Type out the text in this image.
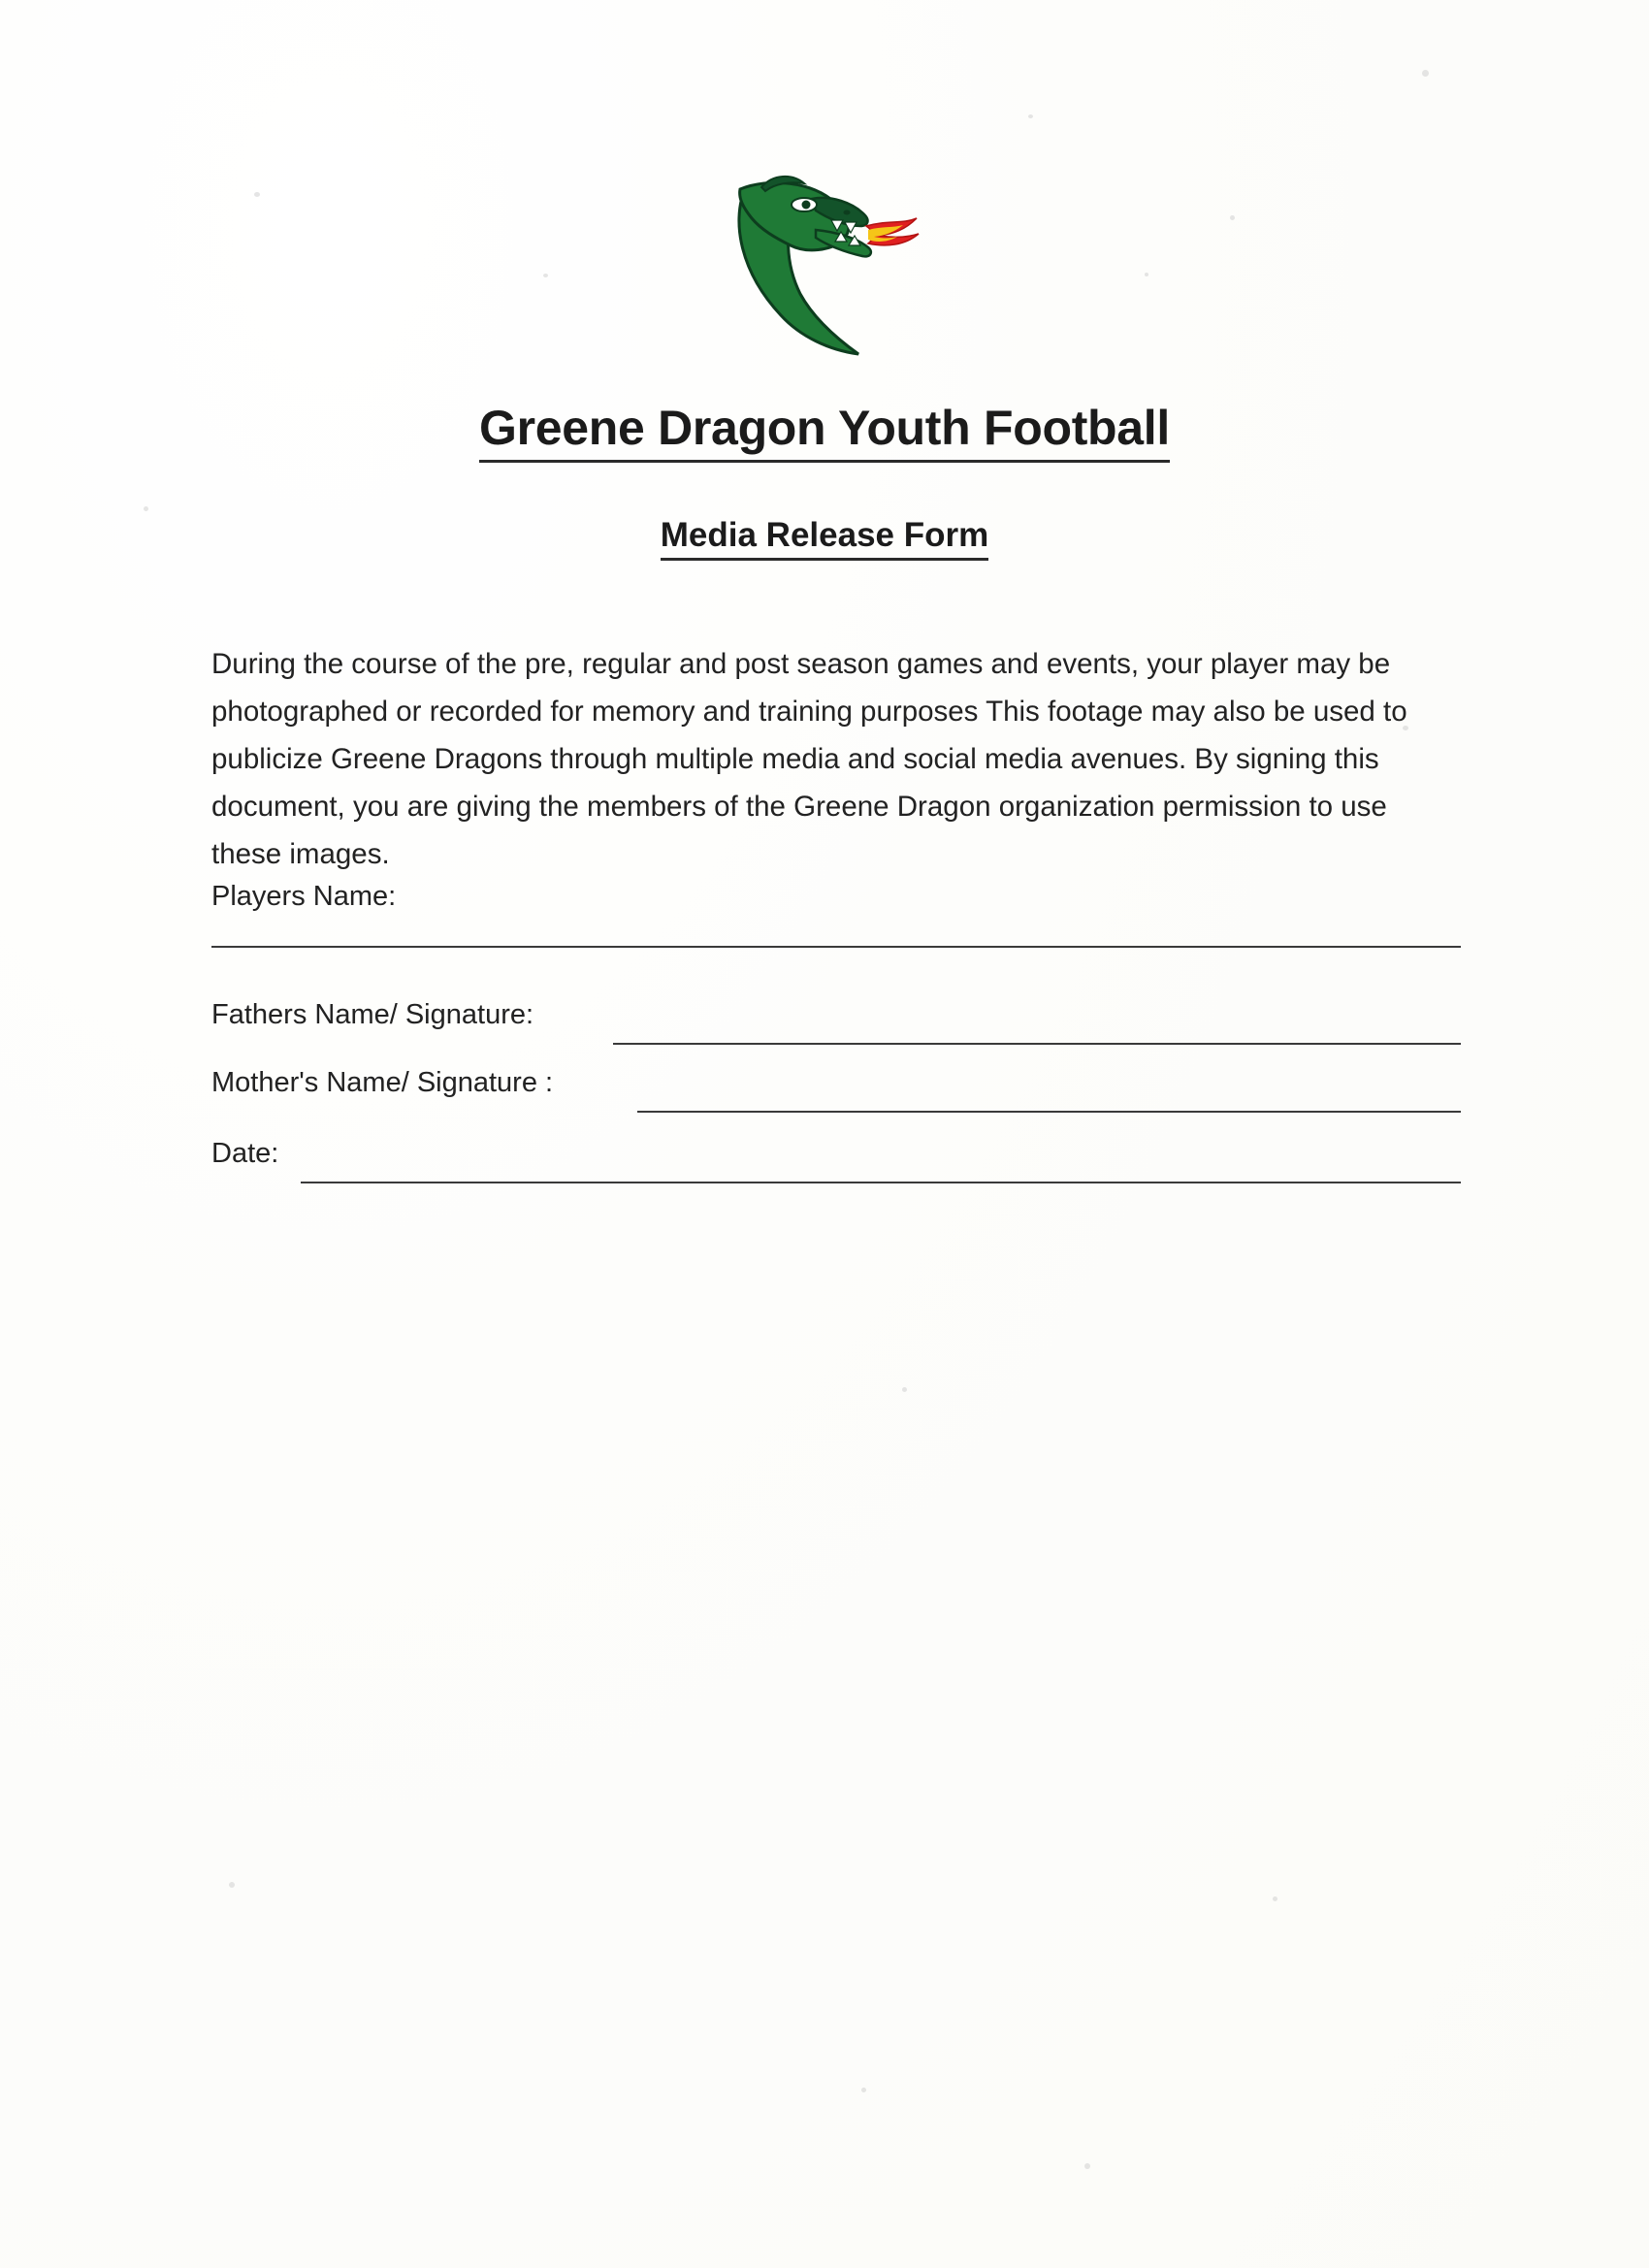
Greene Dragon Youth Football
Media Release Form

During the course of the pre, regular and post season games and events, your player may be photographed or recorded for memory and training purposes This footage may also be used to publicize Greene Dragons through multiple media and social media avenues. By signing this document, you are giving the members of the Greene Dragon organization permission to use these images.

Players Name:
Fathers Name/ Signature:
Mother's Name/ Signature :
Date:
